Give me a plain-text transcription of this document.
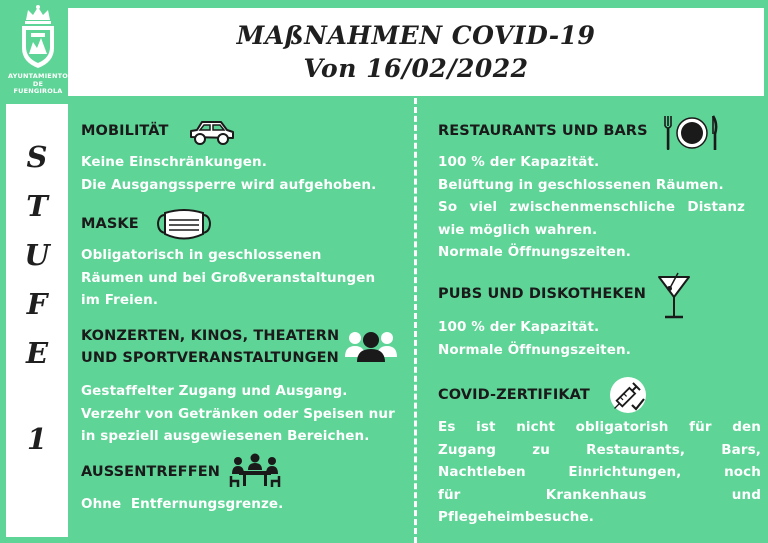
AYUNTAMIENTO
DE FUENGIROLA
MAßNAHMEN COVID-19
Von 16/02/2022
S
T
U
F
E
1
MOBILITÄT
Keine Einschränkungen.
Die Ausgangssperre wird aufgehoben.
MASKE
Obligatorisch in geschlossenen
Räumen und bei Großveranstaltungen
im Freien.
KONZERTEN, KINOS, THEATERN
UND SPORTVERANSTALTUNGEN
Gestaffelter Zugang und Ausgang.
Verzehr von Getränken oder Speisen nur
in speziell ausgewiesenen Bereichen.
AUSSENTREFFEN
Ohne  Entfernungsgrenze.
RESTAURANTS UND BARS
100 % der Kapazität.
Belüftung in geschlossenen Räumen.
So viel zwischenmenschliche Distanz
wie möglich wahren.
Normale Öffnungszeiten.
PUBS UND DISKOTHEKEN
100 % der Kapazität.
Normale Öffnungszeiten.
COVID-ZERTIFIKAT
Es ist nicht obligatorish für den
Zugang zu Restaurants, Bars,
Nachtleben Einrichtungen, noch
für Krankenhaus und
Pflegeheimbesuche.
